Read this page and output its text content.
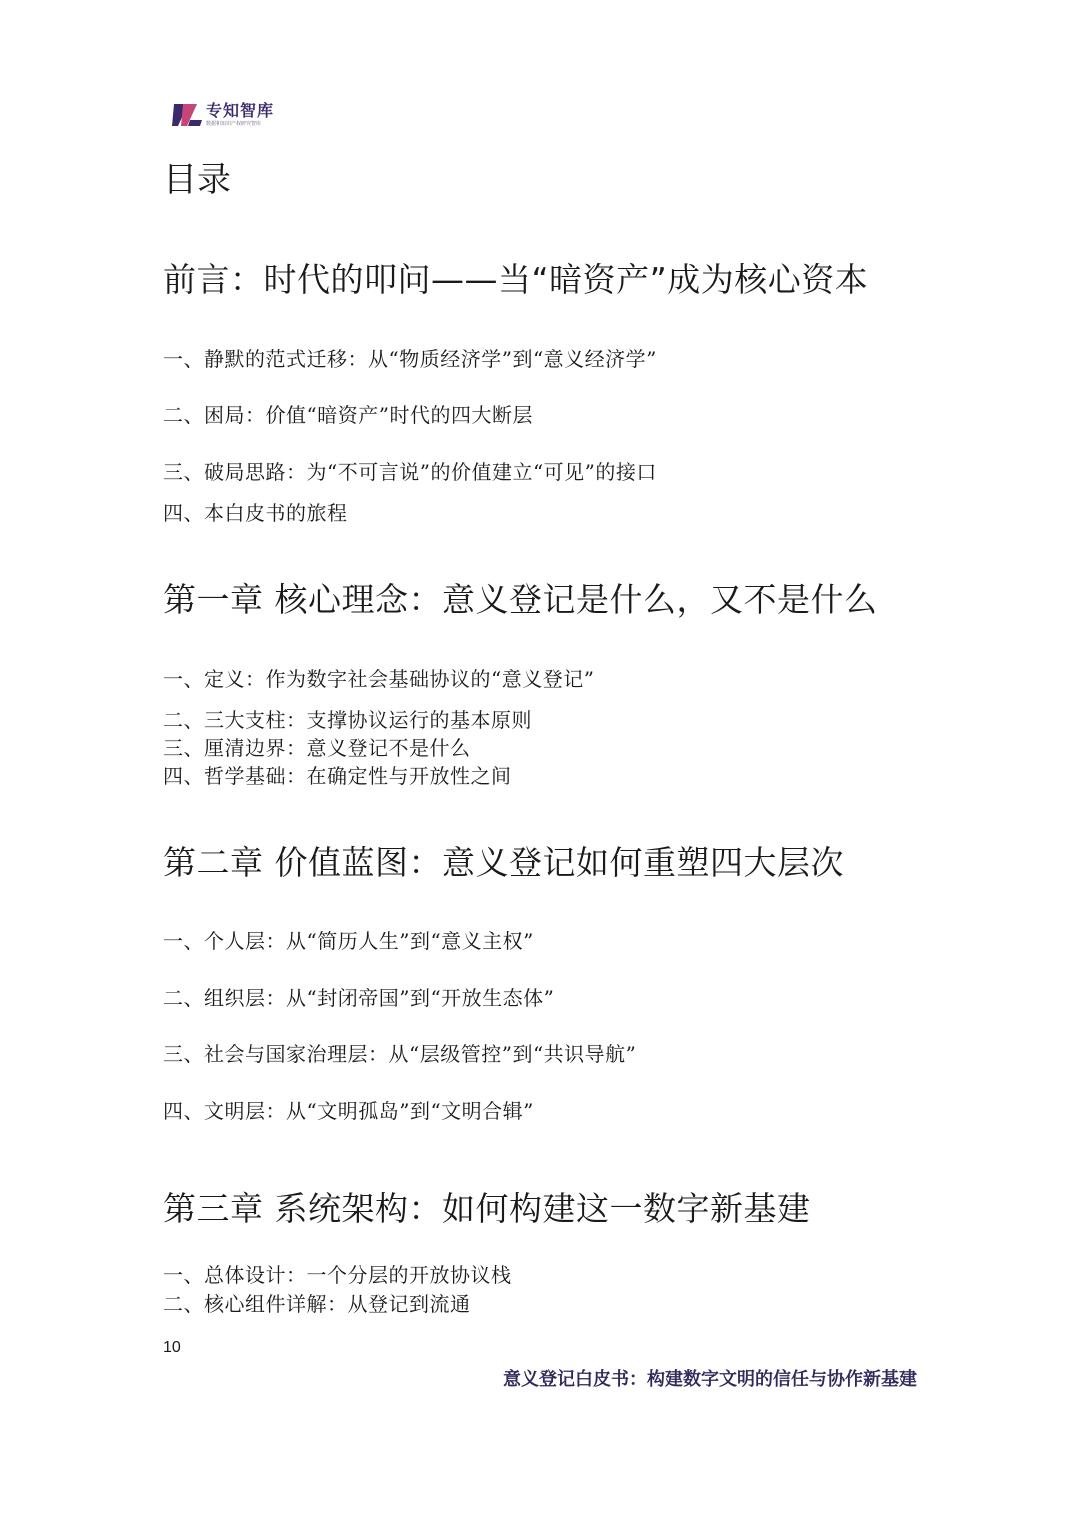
专知智库
数据和知识产权研究智库
目录
前言：时代的叩问——当“暗资产”成为核心资本
一、静默的范式迁移：从“物质经济学”到“意义经济学”
二、困局：价值“暗资产”时代的四大断层
三、破局思路：为“不可言说”的价值建立“可见”的接口
四、本白皮书的旅程
第一章 核心理念：意义登记是什么，又不是什么
一、定义：作为数字社会基础协议的“意义登记”
二、三大支柱：支撑协议运行的基本原则
三、厘清边界：意义登记不是什么
四、哲学基础：在确定性与开放性之间
第二章 价值蓝图：意义登记如何重塑四大层次
一、个人层：从“简历人生”到“意义主权”
二、组织层：从“封闭帝国”到“开放生态体”
三、社会与国家治理层：从“层级管控”到“共识导航”
四、文明层：从“文明孤岛”到“文明合辑”
第三章 系统架构：如何构建这一数字新基建
一、总体设计：一个分层的开放协议栈
二、核心组件详解：从登记到流通
10
意义登记白皮书：构建数字文明的信任与协作新基建
